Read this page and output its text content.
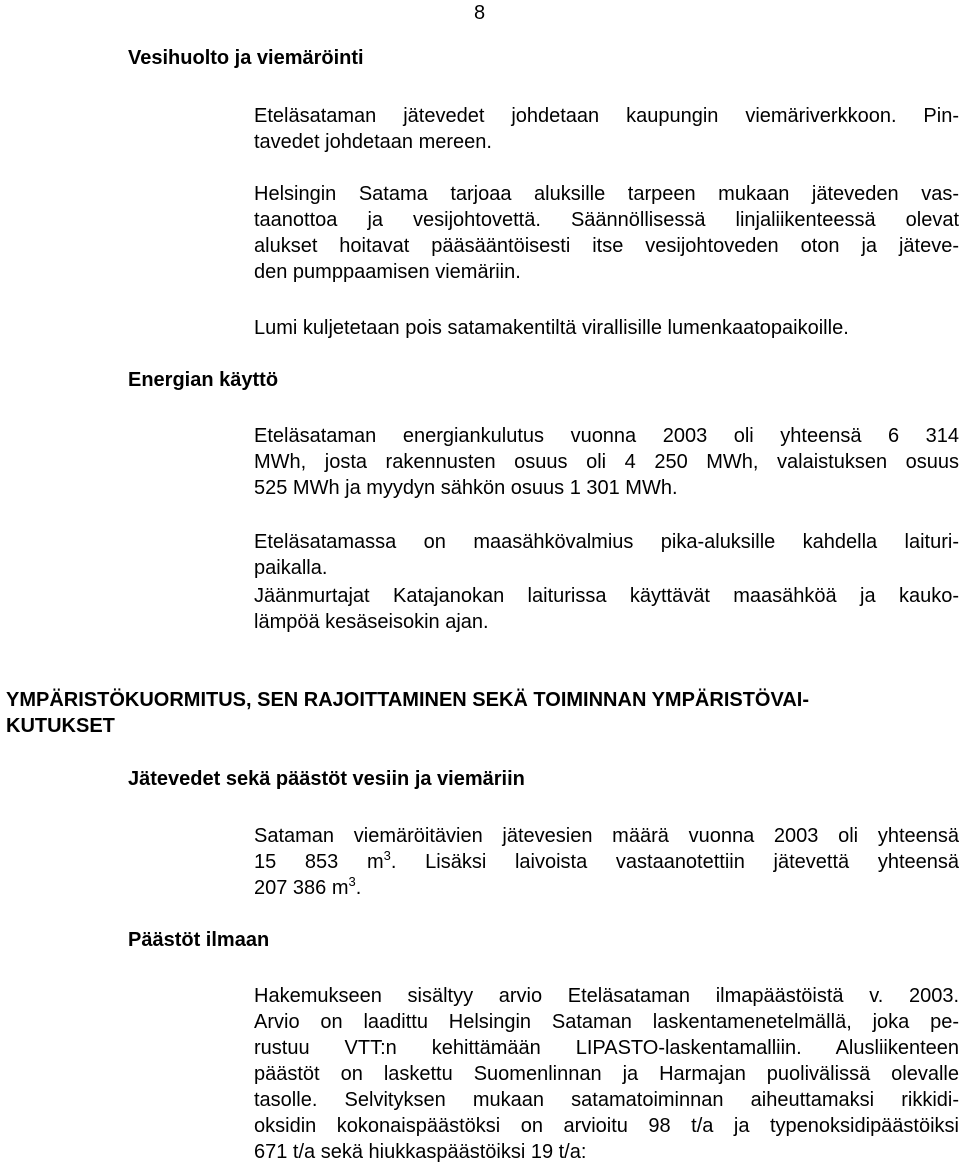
8
Vesihuolto ja viemäröinti
Eteläsataman jätevedet johdetaan kaupungin viemäriverkkoon. Pin-
tavedet johdetaan mereen.
Helsingin Satama tarjoaa aluksille tarpeen mukaan jäteveden vas-
taanottoa ja vesijohtovettä. Säännöllisessä linjaliikenteessä olevat
alukset hoitavat pääsääntöisesti itse vesijohtoveden oton ja jäteve-
den pumppaamisen viemäriin.
Lumi kuljetetaan pois satamakentiltä virallisille lumenkaatopaikoille.
Energian käyttö
Eteläsataman energiankulutus vuonna 2003 oli yhteensä 6 314
MWh, josta rakennusten osuus oli 4 250 MWh, valaistuksen osuus
525 MWh ja myydyn sähkön osuus 1 301 MWh.
Eteläsatamassa on maasähkövalmius pika-aluksille kahdella laituri-
paikalla.
Jäänmurtajat Katajanokan laiturissa käyttävät maasähköä ja kauko-
lämpöä kesäseisokin ajan.
YMPÄRISTÖKUORMITUS, SEN RAJOITTAMINEN SEKÄ TOIMINNAN YMPÄRISTÖVAI-
KUTUKSET
Jätevedet sekä päästöt vesiin ja viemäriin
Sataman viemäröitävien jätevesien määrä vuonna 2003 oli yhteensä
15 853 $m^3$. Lisäksi laivoista vastaanotettiin jätevettä yhteensä
207 386 $m^3$.
Päästöt ilmaan
Hakemukseen sisältyy arvio Eteläsataman ilmapäästöistä v. 2003.
Arvio on laadittu Helsingin Sataman laskentamenetelmällä, joka pe-
rustuu VTT:n kehittämään LIPASTO-laskentamalliin. Alusliikenteen
päästöt on laskettu Suomenlinnan ja Harmajan puolivälissä olevalle
tasolle. Selvityksen mukaan satamatoiminnan aiheuttamaksi rikkidi-
oksidin kokonaispäästöksi on arvioitu 98 t/a ja typenoksidipäästöiksi
671 t/a sekä hiukkaspäästöiksi 19 t/a:
